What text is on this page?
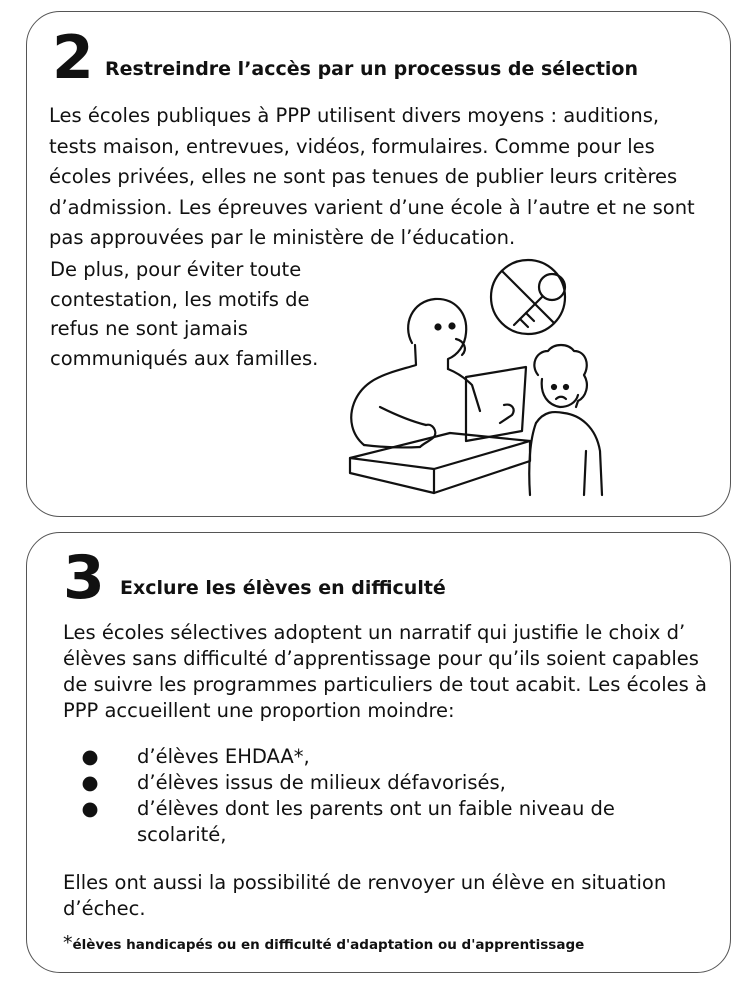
2 Restreindre l’accès par un processus de sélection

Les écoles publiques à PPP utilisent divers moyens : auditions, tests maison, entrevues, vidéos, formulaires. Comme pour les écoles privées, elles ne sont pas tenues de publier leurs critères d’admission. Les épreuves varient d’une école à l’autre et ne sont pas approuvées par le ministère de l’éducation.

De plus, pour éviter toute contestation, les motifs de refus ne sont jamais communiqués aux familles.

3 Exclure les élèves en difficulté

Les écoles sélectives adoptent un narratif qui justifie le choix d’ élèves sans difficulté d’apprentissage pour qu’ils soient capables de suivre les programmes particuliers de tout acabit. Les écoles à PPP accueillent une proportion moindre:

● d’élèves EHDAA*,
● d’élèves issus de milieux défavorisés,
● d’élèves dont les parents ont un faible niveau de scolarité,

Elles ont aussi la possibilité de renvoyer un élève en situation d’échec.

*élèves handicapés ou en difficulté d'adaptation ou d'apprentissage
